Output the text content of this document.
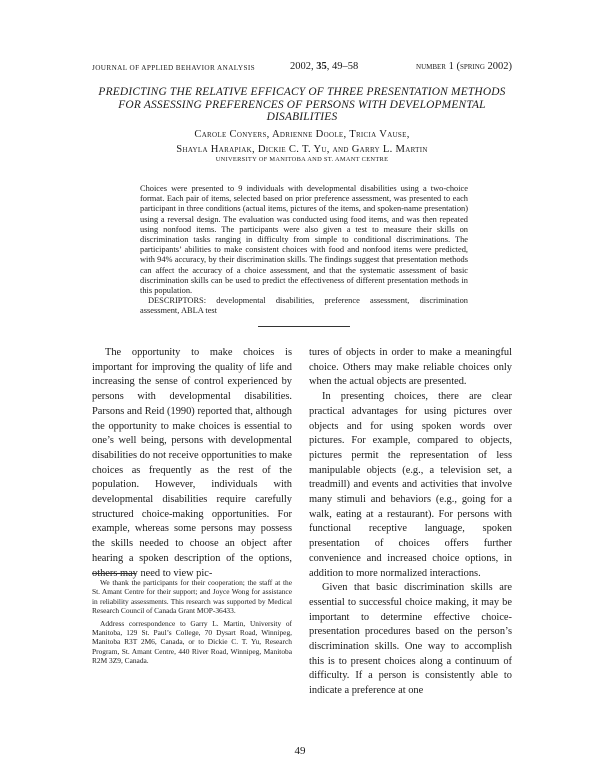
JOURNAL OF APPLIED BEHAVIOR ANALYSIS	2002, 35, 49–58	number 1 (spring 2002)
PREDICTING THE RELATIVE EFFICACY OF THREE PRESENTATION METHODS FOR ASSESSING PREFERENCES OF PERSONS WITH DEVELOPMENTAL DISABILITIES
Carole Conyers, Adrienne Doole, Tricia Vause,
Shayla Harapiak, Dickie C. T. Yu, and Garry L. Martin
UNIVERSITY OF MANITOBA AND ST. AMANT CENTRE

Choices were presented to 9 individuals with developmental disabilities using a two-choice format. Each pair of items, selected based on prior preference assessment, was presented to each participant in three conditions (actual items, pictures of the items, and spoken-name presentation) using a reversal design. The evaluation was conducted using food items, and was then repeated using nonfood items. The participants were also given a test to measure their skills on discrimination tasks ranging in difficulty from simple to conditional discriminations. The participants’ abilities to make consistent choices with food and nonfood items were predicted, with 94% accuracy, by their discrimination skills. The findings suggest that presentation methods can affect the accuracy of a choice assessment, and that the systematic assessment of basic discrimination skills can be used to predict the effectiveness of different presentation methods in this population.

DESCRIPTORS: developmental disabilities, preference assessment, discrimination assessment, ABLA test

The opportunity to make choices is important for improving the quality of life and increasing the sense of control experienced by persons with developmental disabilities. Parsons and Reid (1990) reported that, although the opportunity to make choices is essential to one’s well being, persons with developmental disabilities do not receive opportunities to make choices as frequently as the rest of the population. However, individuals with developmental disabilities require carefully structured choice-making opportunities. For example, whereas some persons may possess the skills needed to choose an object after hearing a spoken description of the options, others may need to view pic-

tures of objects in order to make a meaningful choice. Others may make reliable choices only when the actual objects are presented.

In presenting choices, there are clear practical advantages for using pictures over objects and for using spoken words over pictures. For example, compared to objects, pictures permit the representation of less manipulable objects (e.g., a television set, a treadmill) and events and activities that involve many stimuli and behaviors (e.g., going for a walk, eating at a restaurant). For persons with functional receptive language, spoken presentation of choices offers further convenience and increased choice options, in addition to more normalized interactions.

Given that basic discrimination skills are essential to successful choice making, it may be important to determine effective choice-presentation procedures based on the person’s discrimination skills. One way to accomplish this is to present choices along a continuum of difficulty. If a person is consistently able to indicate a preference at one

We thank the participants for their cooperation; the staff at the St. Amant Centre for their support; and Joyce Wong for assistance in reliability assessments. This research was supported by Medical Research Council of Canada Grant MOP-36433.

Address correspondence to Garry L. Martin, University of Manitoba, 129 St. Paul’s College, 70 Dysart Road, Winnipeg, Manitoba R3T 2M6, Canada, or to Dickie C. T. Yu, Research Program, St. Amant Centre, 440 River Road, Winnipeg, Manitoba R2M 3Z9, Canada.

49
